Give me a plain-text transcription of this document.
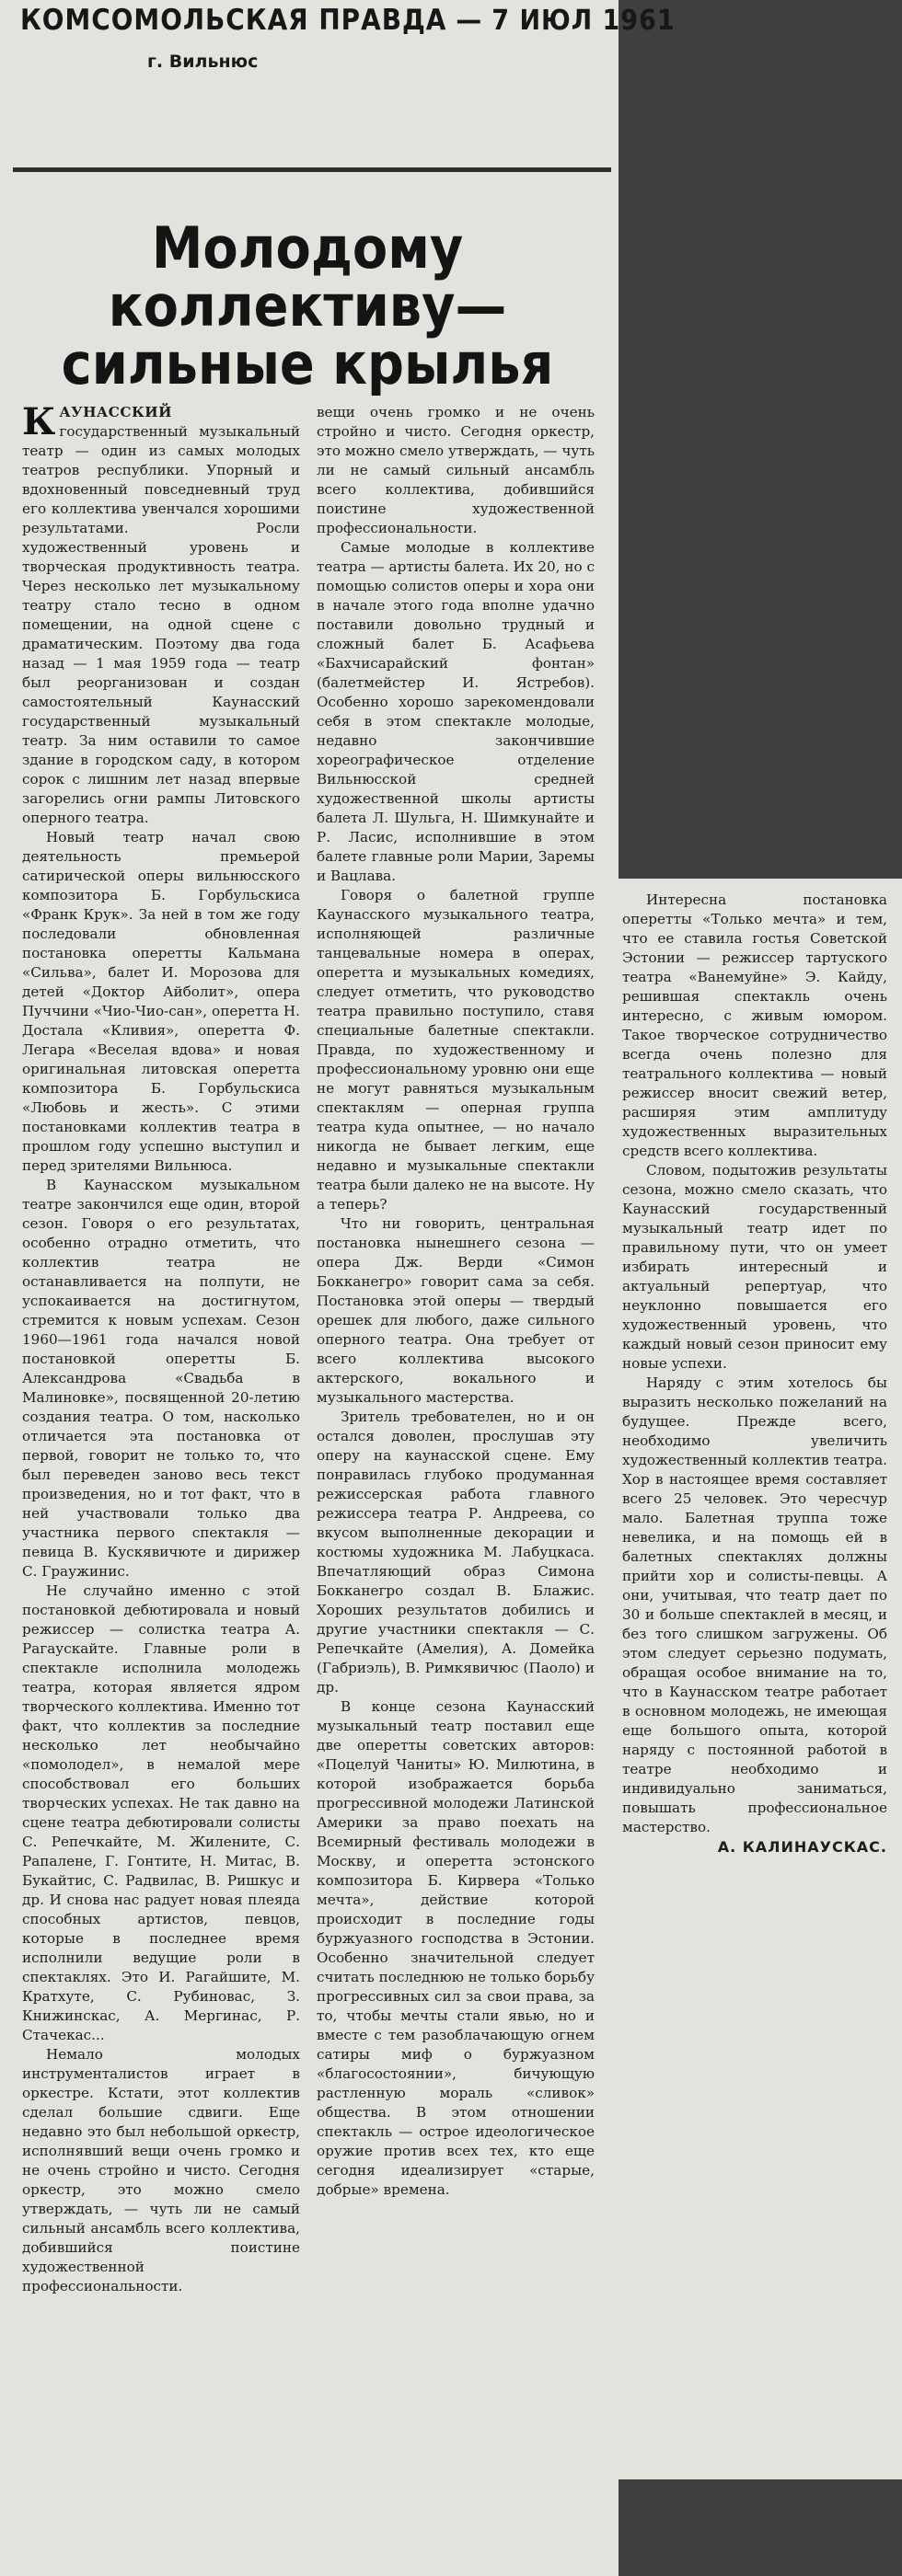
КОМСОМОЛЬСКАЯ ПРАВДА — 7 ИЮЛ 1961
г. Вильнюс
Молодому коллективу—
сильные крылья

КАУНАССКИЙ государственный музыкальный театр — один из самых молодых театров республики. Упорный и вдохновенный повседневный труд его коллектива увенчался хорошими результатами. Росли художественный уровень и творческая продуктивность театра. Через несколько лет музыкальному театру стало тесно в одном помещении, на одной сцене с драматическим. Поэтому два года назад — 1 мая 1959 года — театр был реорганизован и создан самостоятельный Каунасский государственный музыкальный театр. За ним оставили то самое здание в городском саду, в котором сорок с лишним лет назад впервые загорелись огни рампы Литовского оперного театра.

Новый театр начал свою деятельность премьерой сатирической оперы вильнюсского композитора Б. Горбульскиса «Франк Крук». За ней в том же году последовали обновленная постановка оперетты Кальмана «Сильва», балет И. Морозова для детей «Доктор Айболит», опера Пуччини «Чио-Чио-сан», оперетта Н. Достала «Кливия», оперетта Ф. Легара «Веселая вдова» и новая оригинальная литовская оперетта композитора Б. Горбульскиса «Любовь и жесть». С этими постановками коллектив театра в прошлом году успешно выступил и перед зрителями Вильнюса.

В Каунасском музыкальном театре закончился еще один, второй сезон. Говоря о его результатах, особенно отрадно отметить, что коллектив театра не останавливается на полпути, не успокаивается на достигнутом, стремится к новым успехам. Сезон 1960—1961 года начался новой постановкой оперетты Б. Александрова «Свадьба в Малиновке», посвященной 20-летию создания театра. О том, насколько отличается эта постановка от первой, говорит не только то, что был переведен заново весь текст произведения, но и тот факт, что в ней участвовали только два участника первого спектакля — певица В. Кускявичюте и дирижер С. Граужинис.

Не случайно именно с этой постановкой дебютировала и новый режиссер — солистка театра А. Рагаускайте. Главные роли в спектакле исполнила молодежь театра, которая является ядром творческого коллектива. Именно тот факт, что коллектив за последние несколько лет необычайно «помолодел», в немалой мере способствовал его больших творческих успехах. Не так давно на сцене театра дебютировали солисты С. Репечкайте, М. Жилените, С. Рапалене, Г. Гонтите, Н. Митас, В. Букайтис, С. Радвилас, В. Ришкус и др. И снова нас радует новая плеяда способных артистов, певцов, которые в последнее время исполнили ведущие роли в спектаклях. Это И. Рагайшите, М. Кратхуте, С. Рубиновас, З. Книжинскас, А. Мергинас, Р. Стачекас...

Немало молодых инструменталистов играет в оркестре. Кстати, этот коллектив сделал большие сдвиги. Еще недавно это был небольшой оркестр, исполнявший вещи очень громко и не очень стройно и чисто. Сегодня оркестр, это можно смело утверждать, — чуть ли не самый сильный ансамбль всего коллектива, добившийся поистине художественной профессиональности.

вещи очень громко и не очень стройно и чисто. Сегодня оркестр, это можно смело утверждать, — чуть ли не самый сильный ансамбль всего коллектива, добившийся поистине художественной профессиональности.

Самые молодые в коллективе театра — артисты балета. Их 20, но с помощью солистов оперы и хора они в начале этого года вполне удачно поставили довольно трудный и сложный балет Б. Асафьева «Бахчисарайский фонтан» (балетмейстер И. Ястребов). Особенно хорошо зарекомендовали себя в этом спектакле молодые, недавно закончившие хореографическое отделение Вильнюсской средней художественной школы артисты балета Л. Шульга, Н. Шимкунайте и Р. Ласис, исполнившие в этом балете главные роли Марии, Заремы и Вацлава.

Говоря о балетной группе Каунасского музыкального театра, исполняющей различные танцевальные номера в операх, оперетта и музыкальных комедиях, следует отметить, что руководство театра правильно поступило, ставя специальные балетные спектакли. Правда, по художественному и профессиональному уровню они еще не могут равняться музыкальным спектаклям — оперная группа театра куда опытнее, — но начало никогда не бывает легким, еще недавно и музыкальные спектакли театра были далеко не на высоте. Ну а теперь?

Что ни говорить, центральная постановка нынешнего сезона — опера Дж. Верди «Симон Бокканегро» говорит сама за себя. Постановка этой оперы — твердый орешек для любого, даже сильного оперного театра. Она требует от всего коллектива высокого актерского, вокального и музыкального мастерства.

Зритель требователен, но и он остался доволен, прослушав эту оперу на каунасской сцене. Ему понравилась глубоко продуманная режиссерская работа главного режиссера театра Р. Андреева, со вкусом выполненные декорации и костюмы художника М. Лабуцкаса. Впечатляющий образ Симона Бокканегро создал В. Блажис. Хороших результатов добились и другие участники спектакля — С. Репечкайте (Амелия), А. Домейка (Габриэль), В. Римкявичюс (Паоло) и др.

В конце сезона Каунасский музыкальный театр поставил еще две оперетты советских авторов: «Поцелуй Чаниты» Ю. Милютина, в которой изображается борьба прогрессивной молодежи Латинской Америки за право поехать на Всемирный фестиваль молодежи в Москву, и оперетта эстонского композитора Б. Кирвера «Только мечта», действие которой происходит в последние годы буржуазного господства в Эстонии. Особенно значительной следует считать последнюю не только борьбу прогрессивных сил за свои права, за то, чтобы мечты стали явью, но и вместе с тем разоблачающую огнем сатиры миф о буржуазном «благосостоянии», бичующую растленную мораль «сливок» общества. В этом отношении спектакль — острое идеологическое оружие против всех тех, кто еще сегодня идеализирует «старые, добрые» времена.

Интересна постановка оперетты «Только мечта» и тем, что ее ставила гостья Советской Эстонии — режиссер тартуского театра «Ванемуйне» Э. Кайду, решившая спектакль очень интересно, с живым юмором. Такое творческое сотрудничество всегда очень полезно для театрального коллектива — новый режиссер вносит свежий ветер, расширяя этим амплитуду художественных выразительных средств всего коллектива.

Словом, подытожив результаты сезона, можно смело сказать, что Каунасский государственный музыкальный театр идет по правильному пути, что он умеет избирать интересный и актуальный репертуар, что неуклонно повышается его художественный уровень, что каждый новый сезон приносит ему новые успехи.

Наряду с этим хотелось бы выразить несколько пожеланий на будущее. Прежде всего, необходимо увеличить художественный коллектив театра. Хор в настоящее время составляет всего 25 человек. Это чересчур мало. Балетная труппа тоже невелика, и на помощь ей в балетных спектаклях должны прийти хор и солисты-певцы. А они, учитывая, что театр дает по 30 и больше спектаклей в месяц, и без того слишком загружены. Об этом следует серьезно подумать, обращая особое внимание на то, что в Каунасском театре работает в основном молодежь, не имеющая еще большого опыта, которой наряду с постоянной работой в театре необходимо и индивидуально заниматься, повышать профессиональное мастерство.

А. КАЛИНАУСКАС.
